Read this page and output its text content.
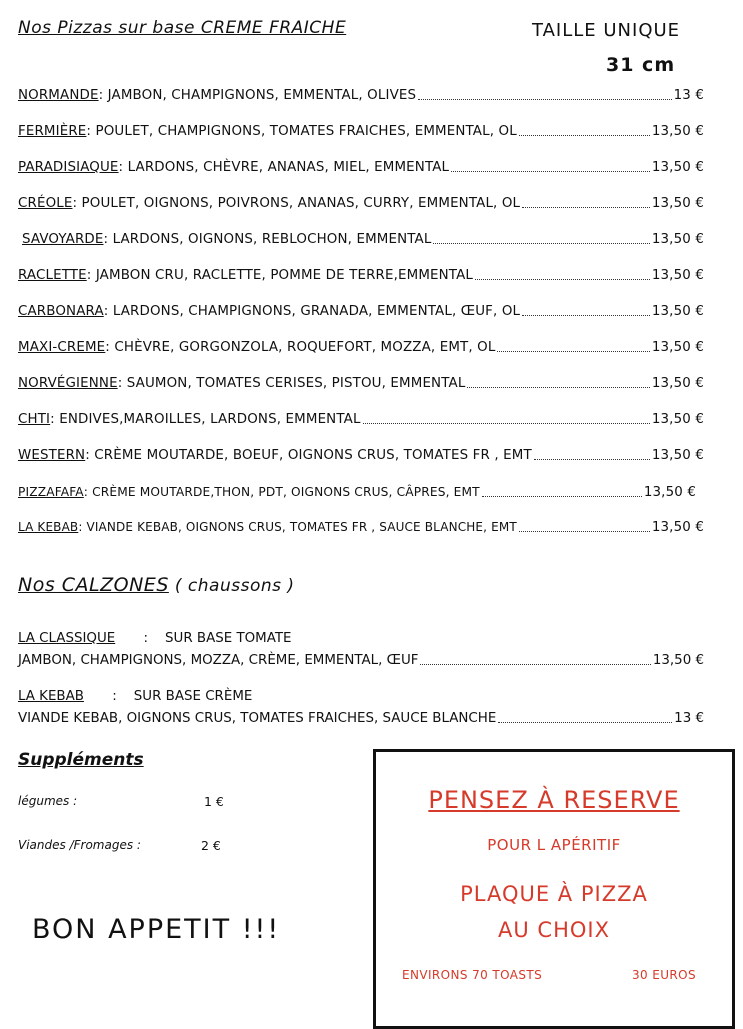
Nos Pizzas sur base CREME FRAICHE	TAILLE UNIQUE
31 cm
NORMANDE : JAMBON, CHAMPIGNONS, EMMENTAL, OLIVES	13 €
FERMIÈRE : POULET, CHAMPIGNONS, TOMATES FRAICHES, EMMENTAL, OL	13,50 €
PARADISIAQUE : LARDONS, CHÈVRE, ANANAS, MIEL, EMMENTAL	13,50 €
CRÉOLE : POULET, OIGNONS, POIVRONS, ANANAS, CURRY, EMMENTAL, OL	13,50 €
SAVOYARDE : LARDONS, OIGNONS, REBLOCHON, EMMENTAL	13,50 €
RACLETTE : JAMBON CRU, RACLETTE, POMME DE TERRE,EMMENTAL	13,50 €
CARBONARA : LARDONS, CHAMPIGNONS, GRANADA, EMMENTAL, ŒUF, OL	13,50 €
MAXI-CREME : CHÈVRE, GORGONZOLA, ROQUEFORT, MOZZA, EMT, OL	13,50 €
NORVÉGIENNE : SAUMON, TOMATES CERISES, PISTOU, EMMENTAL	13,50 €
CHTI : ENDIVES,MAROILLES, LARDONS, EMMENTAL	13,50 €
WESTERN : CRÈME MOUTARDE, BOEUF, OIGNONS CRUS, TOMATES FR , EMT	13,50 €
PIZZAFAFA : CRÈME MOUTARDE,THON, PDT, OIGNONS CRUS, CÂPRES, EMT	13,50 €
LA KEBAB : VIANDE KEBAB, OIGNONS CRUS, TOMATES FR , SAUCE BLANCHE, EMT	13,50 €
Nos CALZONES ( chaussons )
LA CLASSIQUE : SUR BASE TOMATE
JAMBON, CHAMPIGNONS, MOZZA, CRÈME, EMMENTAL, ŒUF	13,50 €
LA KEBAB : SUR BASE CRÈME
VIANDE KEBAB, OIGNONS CRUS, TOMATES FRAICHES, SAUCE BLANCHE	13 €
Suppléments
légumes :	1 €
Viandes /Fromages :	2 €
BON APPETIT !!!
PENSEZ À RESERVE
POUR L APÉRITIF
PLAQUE À PIZZA
AU CHOIX
ENVIRONS 70 TOASTS	30 EUROS
